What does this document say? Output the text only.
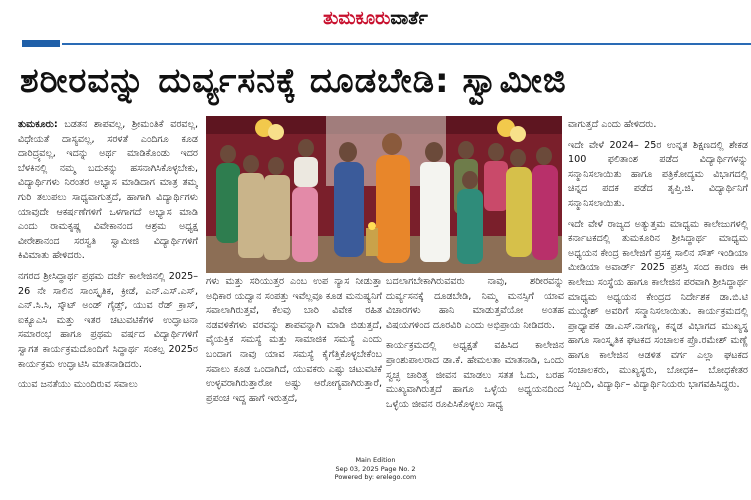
ತುಮಕೂರುವಾರ್ತೆ
ಶರೀರವನ್ನು ದುರ್ವ್ಯಸನಕ್ಕೆ ದೂಡಬೇಡಿ: ಸ್ವಾಮೀಜಿ

ತುಮಕೂರು: ಬಡತನ ಶಾಪವಲ್ಲ, ಶ್ರೀಮಂತಿಕೆ ವರವಲ್ಲ, ವಿಧೇಯತೆ ದಾಸ್ಯವಲ್ಲ, ಸರಳತೆ ಎಂದಿಗೂ ಕೂಡ ದಾರಿದ್ರ್ಯವಲ್ಲ, ಇದನ್ನು ಅರ್ಥ ಮಾಡಿಕೊಂಡು ಇದರ ಬೆಳಕಿನಲ್ಲಿ ನಮ್ಮ ಬದುಕನ್ನು ಹಸನಾಗಿಸಿಕೊಳ್ಳಬೇಕು, ವಿದ್ಯಾರ್ಥಿಗಳು ನಿರಂತರ ಅಭ್ಯಾಸ ಮಾಡಿದಾಗ ಮಾತ್ರ ತಮ್ಮ ಗುರಿ ತಲುಪಲು ಸಾಧ್ಯವಾಗುತ್ತದೆ, ಹಾಗಾಗಿ ವಿದ್ಯಾರ್ಥಿಗಳು ಯಾವುದೇ ಆಕರ್ಷಣೆಗಳಿಗೆ ಒಳಗಾಗದೆ ಅಭ್ಯಾಸ ಮಾಡಿ ಎಂದು ರಾಮಕೃಷ್ಣ ವಿವೇಕಾನಂದ ಆಶ್ರಮ ಅಧ್ಯಕ್ಷ ವೀರೇಶಾನಂದ ಸರಸ್ವತಿ ಸ್ವಾಮೀಜಿ ವಿದ್ಯಾರ್ಥಿಗಳಿಗೆ ಕಿವಿಮಾತು ಹೇಳಿದರು.

ನಗರದ ಶ್ರೀಸಿದ್ಧಾರ್ಥ ಪ್ರಥಮ ದರ್ಜೆ ಕಾಲೇಜಿನಲ್ಲಿ 2025–26 ನೇ ಸಾಲಿನ ಸಾಂಸ್ಕೃತಿಕ, ಕ್ರೀಡೆ, ಎನ್.ಎಸ್.ಎಸ್, ಎನ್.ಸಿ.ಸಿ, ಸ್ಕೌಟ್ ಅಂಡ್ ಗೈಡ್ಸ್, ಯುವ ರೆಡ್ ಕ್ರಾಸ್, ಐಕ್ಯೂಎಸಿ ಮತ್ತು ಇತರ ಚಟುವಟಿಕೆಗಳ ಉದ್ಘಾಟನಾ ಸಮಾರಂಭ ಹಾಗೂ ಪ್ರಥಮ ವರ್ಷದ ವಿದ್ಯಾರ್ಥಿಗಳಿಗೆ ಸ್ವಾಗತ ಕಾರ್ಯಕ್ರಮದೊಂದಿಗೆ ಸಿದ್ಧಾರ್ಥ ಸಂಕಲ್ಪ 2025ರ ಕಾರ್ಯಕ್ರಮ ಉದ್ಘಾಟಿಸಿ ಮಾತನಾಡಿದರು.

ಯುವ ಜನತೆಯು ಮುಂದಿರುವ ಸವಾಲು

ಗಳು ಮತ್ತು ಸರಿಯುತ್ತರ ಎಂಬ ಉಪ ನ್ಯಾಸ ನೀಡುತ್ತಾ ಅಧಿಕಾರ ಯದ್ವಾನ ಸಂಪತ್ತು ಇವೆಲ್ಲವೂ ಕೂಡ ಮನುಷ್ಯನಿಗೆ ಸವಾಲಾಗಿರುತ್ತವೆ, ಕೆಲವು ಬಾರಿ ವಿವೇಕ ರಹಿತ ನಡವಳಿಕೆಗಳು ವರವನ್ನು ಶಾಪವನ್ನಾಗಿ ಮಾಡಿ ಬಿಡುತ್ತದೆ, ವೈಯಕ್ತಿಕ ಸಮಸ್ಯೆ ಮತ್ತು ಸಾಮಾಜಿಕ ಸಮಸ್ಯೆ ಎಂದು ಬಂದಾಗ ನಾವು ಯಾವ ಸಮಸ್ಯೆ ಕೈಗೆತ್ತಿಕೊಳ್ಳಬೇಕೆಂಬ ಸವಾಲು ಕೂಡ ಒಂದಾಗಿದೆ, ಯುವಕರು ಎಷ್ಟು ಚಟುವಟಿಕೆ ಉಳ್ಳವರಾಗಿರುತ್ತಾರೋ ಅಷ್ಟು ಆರೋಗ್ಯವಾಗಿರುತ್ತಾರೆ, ಪ್ರಪಂಚ ಇದ್ದ ಹಾಗೆ ಇರುತ್ತದೆ,

ಬದಲಾಗಬೇಕಾಗಿರುವವರು ನಾವು, ಶರೀರವನ್ನು ದುರ್ವ್ಯಸನಕ್ಕೆ ದೂಡಬೇಡಿ, ನಿಮ್ಮ ಮನಸ್ಸಿಗೆ ಯಾವ ವಿಚಾರಗಳು ಹಾನಿ ಮಾಡುತ್ತವೆಯೋ ಅಂತಹ ವಿಷಯಗಳಿಂದ ದೂರವಿರಿ ಎಂದು ಅಭಿಪ್ರಾಯ ನೀಡಿದರು.

ಕಾರ್ಯಕ್ರಮದಲ್ಲಿ ಅಧ್ಯಕ್ಷತೆ ವಹಿಸಿದ ಕಾಲೇಜಿನ ಪ್ರಾಂಶುಪಾಲರಾದ ಡಾ.ಕೆ. ಹೇಮಲತಾ ಮಾತನಾಡಿ, ಒಂದು ಸ್ವಚ್ಛ ಚಾರಿತ್ರ್ಯ ಜೀವನ ಮಾಡಲು ಸತತ ಓದು, ಬರಹ ಮುಖ್ಯವಾಗಿರುತ್ತದೆ ಹಾಗೂ ಒಳ್ಳೆಯ ಅಧ್ಯಯನದಿಂದ ಒಳ್ಳೆಯ ಜೀವನ ರೂಪಿಸಿಕೊಳ್ಳಲು ಸಾಧ್ಯ

ವಾಗುತ್ತದೆ ಎಂದು ಹೇಳಿದರು.

ಇದೇ ವೇಳೆ 2024– 25ರ ಉನ್ನತ ಶಿಕ್ಷಣದಲ್ಲಿ ಶೇಕಡ 100 ಫಲಿತಾಂಶ ಪಡೆದ ವಿದ್ಯಾರ್ಥಿಗಳನ್ನು ಸನ್ಮಾನಿಸಲಾಯಿತು ಹಾಗೂ ಪತ್ರಿಕೋದ್ಯಮ ವಿಭಾಗದಲ್ಲಿ ಚಿನ್ನದ ಪದಕ ಪಡೆದ ತೃಪ್ತಿ.ಜಿ. ವಿದ್ಯಾರ್ಥಿನಿಗೆ ಸನ್ಮಾನಿಸಲಾಯಿತು.

ಇದೇ ವೇಳೆ ರಾಜ್ಯದ ಅತ್ಯುತ್ತಮ ಮಾಧ್ಯಮ ಕಾಲೇಜುಗಳಲ್ಲಿ ಕರ್ನಾಟಕದಲ್ಲಿ ತುಮಕೂರಿನ ಶ್ರೀಸಿದ್ಧಾರ್ಥ ಮಾಧ್ಯಮ ಅಧ್ಯಯನ ಕೇಂದ್ರ ಕಾಲೇಜಿಗೆ ಪ್ರಸಕ್ತ ಸಾಲಿನ ಸೌತ್ ಇಂಡಿಯಾ ಮೀಡಿಯಾ ಅವಾರ್ಡ್ 2025 ಪ್ರಶಸ್ತಿ ಸಂದ ಕಾರಣ ಈ ಕಾಲೇಜು ಸಂಸ್ಥೆಯ ಹಾಗೂ ಕಾಲೇಜಿನ ಪರವಾಗಿ ಶ್ರೀಸಿದ್ಧಾರ್ಥ ಮಾಧ್ಯಮ ಅಧ್ಯಯನ ಕೇಂದ್ರದ ನಿರ್ದೇಶಕ ಡಾ.ಬಿ.ಟಿ ಮುದ್ದೇಶ್ ಅವರಿಗೆ ಸನ್ಮಾನಿಸಲಾಯಿತು. ಕಾರ್ಯಕ್ರಮದಲ್ಲಿ ಪ್ರಾಧ್ಯಾಪಕ ಡಾ.ಎಸ್.ನಾಗಣ್ಣ, ಕನ್ನಡ ವಿಭಾಗದ ಮುಖ್ಯಸ್ಥ ಹಾಗೂ ಸಾಂಸ್ಕೃತಿಕ ಘಟಕದ ಸಂಚಾಲಕ ಪ್ರೊ.ರಮೇಶ್ ಮಣ್ಣೆ ಹಾಗೂ ಕಾಲೇಜಿನ ಆಡಳಿತ ವರ್ಗ ಎಲ್ಲಾ ಘಟಕದ ಸಂಚಾಲಕರು, ಮುಖ್ಯಸ್ಥರು, ಬೋಧಕ– ಬೋಧಕೇತರ ಸಿಬ್ಬಂದಿ, ವಿದ್ಯಾರ್ಥಿ– ವಿದ್ಯಾರ್ಥಿನಿಯರು ಭಾಗವಹಿಸಿದ್ದರು.

Main Edition
Sep 03, 2025 Page No. 2
Powered by: erelego.com
